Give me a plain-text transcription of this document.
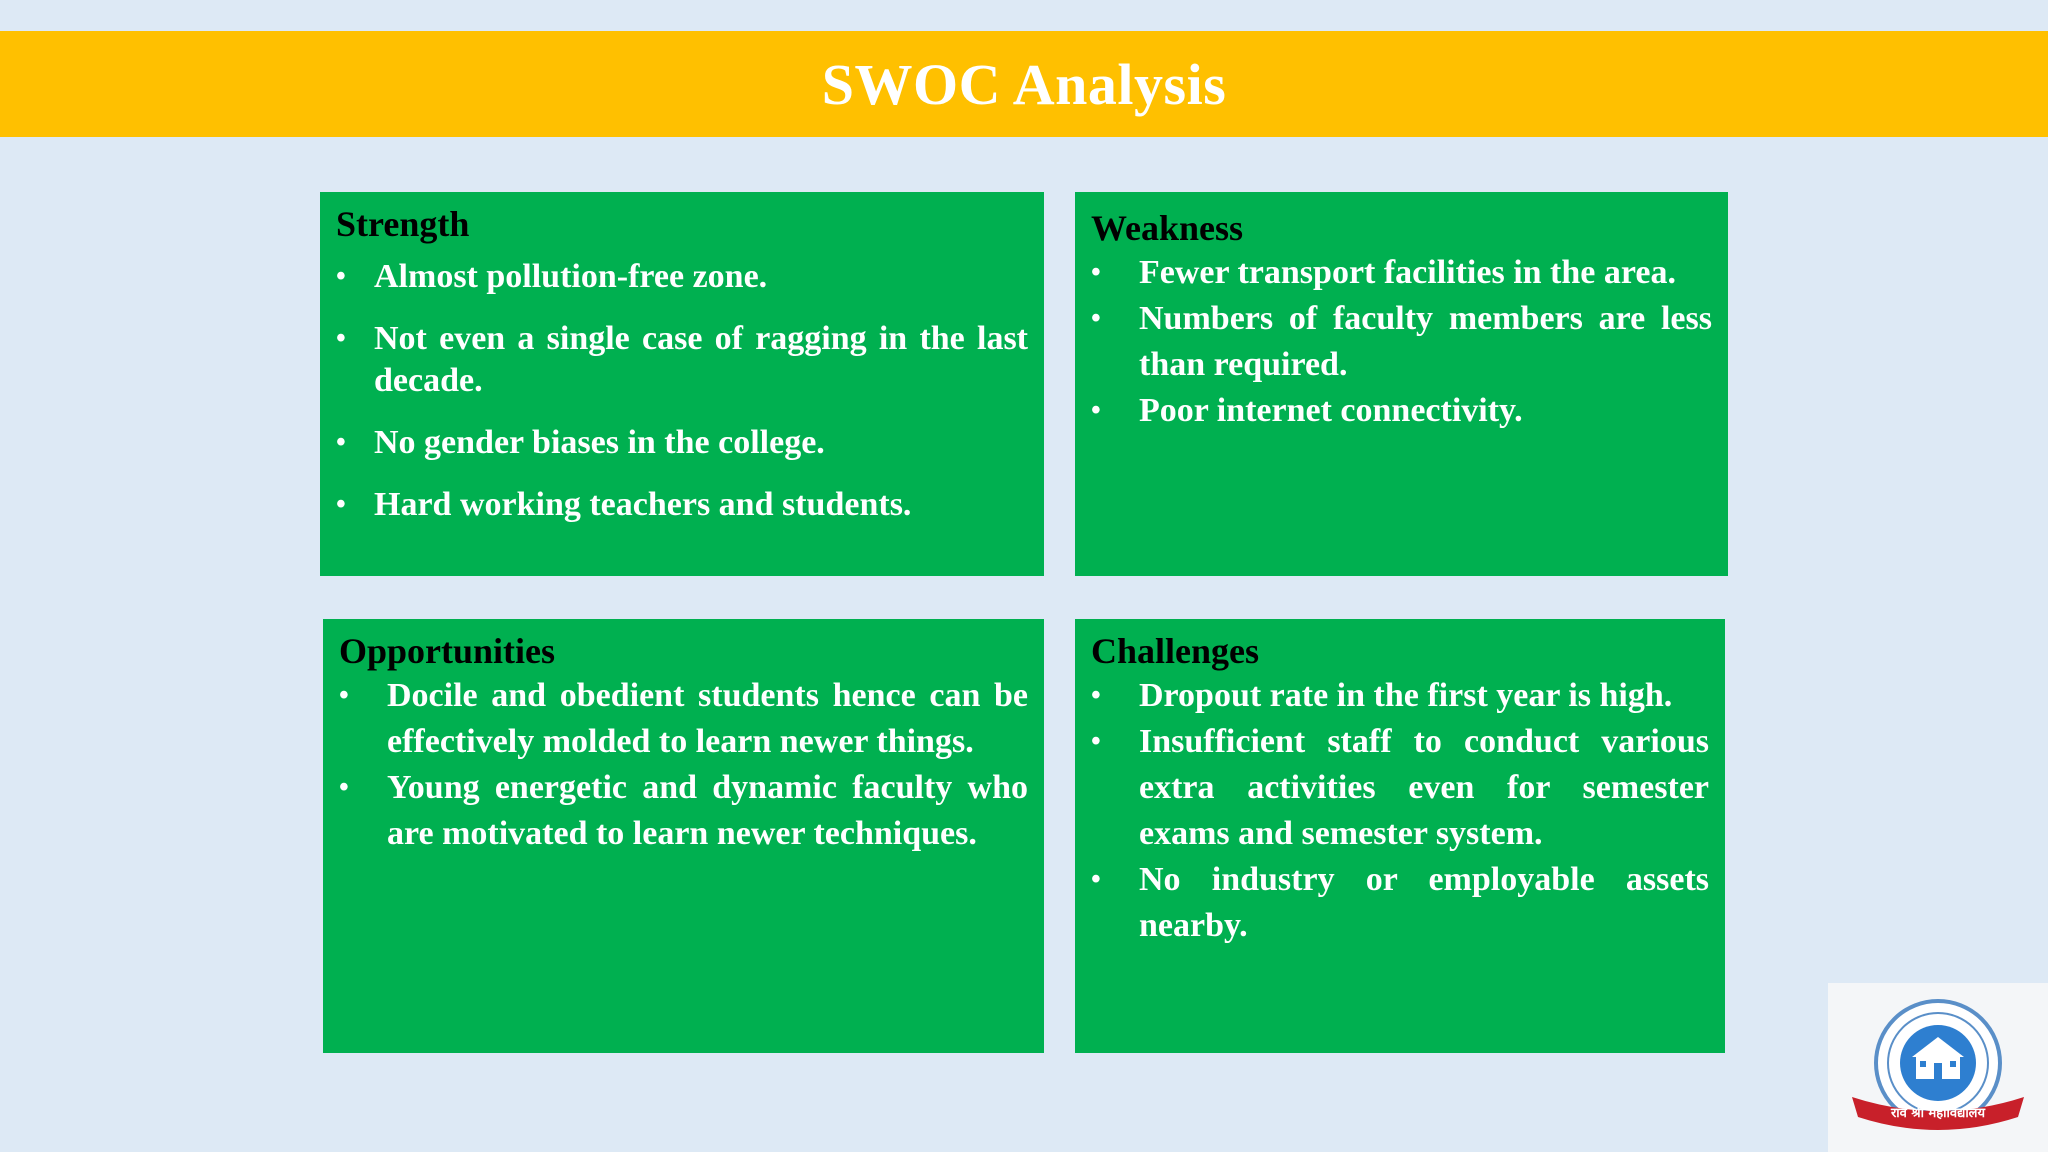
SWOC Analysis
Strength
• Almost pollution-free zone.
• Not even a single case of ragging in the last decade.
• No gender biases in the college.
• Hard working teachers and students.
Weakness
• Fewer transport facilities in the area.
• Numbers of faculty members are less than required.
• Poor internet connectivity.
Opportunities
• Docile and obedient students hence can be effectively molded to learn newer things.
• Young energetic and dynamic faculty who are motivated to learn newer techniques.
Challenges
• Dropout rate in the first year is high.
• Insufficient staff to conduct various extra activities even for semester exams and semester system.
• No industry or employable assets nearby.
राव श्री महाविद्यालय
